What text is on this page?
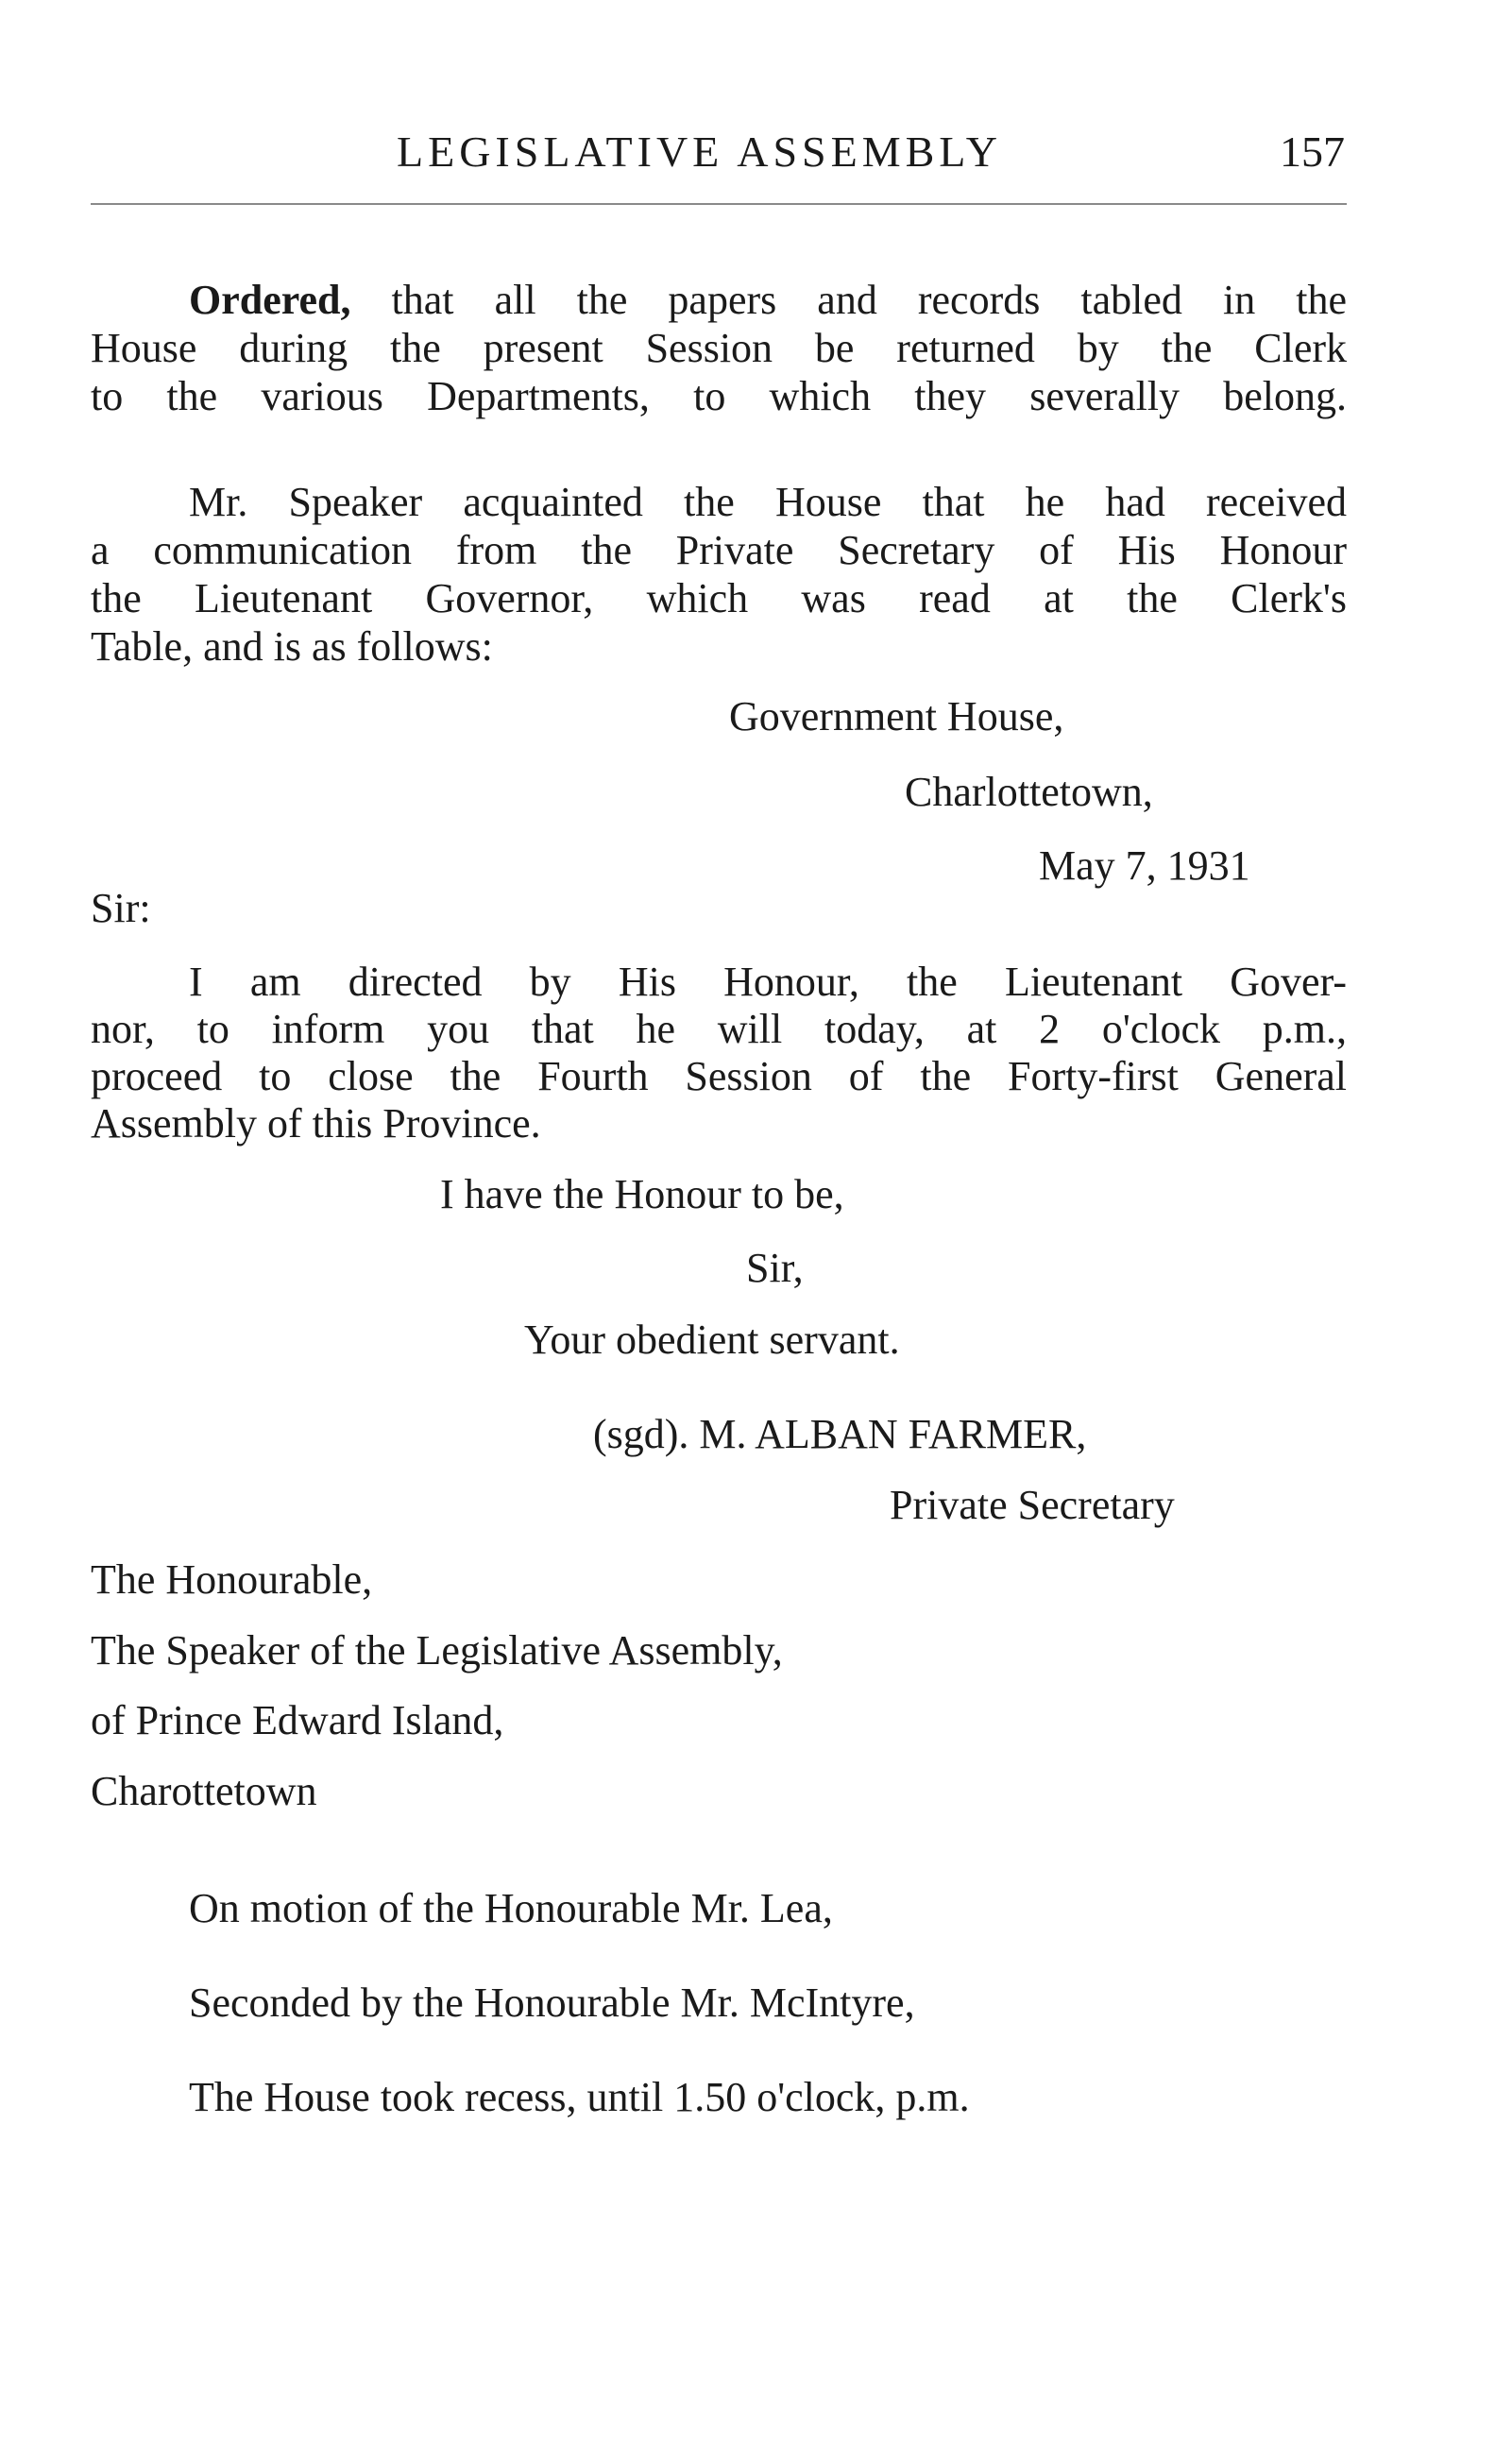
LEGISLATIVE ASSEMBLY	157
Ordered, that all the papers and records tabled in the
House during the present Session be returned by the Clerk
to the various Departments, to which they severally belong.
Mr. Speaker acquainted the House that he had received
a communication from the Private Secretary of His Honour
the Lieutenant Governor, which was read at the Clerk's
Table, and is as follows:
Government House,
Charlottetown,
May 7, 1931
Sir:
I am directed by His Honour, the Lieutenant Gover-
nor, to inform you that he will today, at 2 o'clock p.m.,
proceed to close the Fourth Session of the Forty-first General
Assembly of this Province.
I have the Honour to be,
Sir,
Your obedient servant.
(sgd). M. ALBAN FARMER,
Private Secretary
The Honourable,
The Speaker of the Legislative Assembly,
of Prince Edward Island,
Charottetown
On motion of the Honourable Mr. Lea,
Seconded by the Honourable Mr. McIntyre,
The House took recess, until 1.50 o'clock, p.m.
